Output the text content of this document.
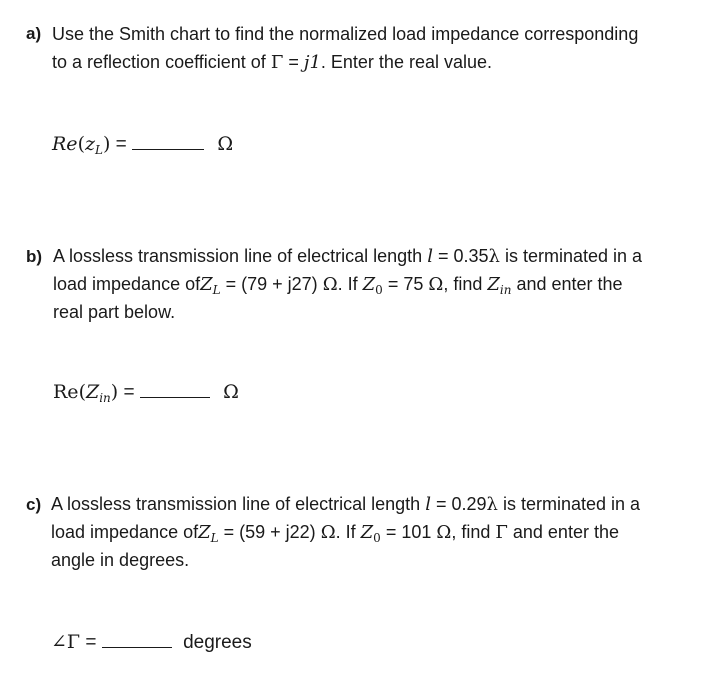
a) Use the Smith chart to find the normalized load impedance corresponding
to a reflection coefficient of Γ = j1. Enter the real value.
$Re(z_L)$ =	Ω
b) A lossless transmission line of electrical length l = 0.35λ is terminated in a
load impedance ofZ$_L$ = (79 + j27) Ω. If $Z_0 = 75$ Ω, find $Z_{in}$ and enter the
real part below.
$Re(Z_{in})$ =	Ω
c) A lossless transmission line of electrical length l = 0.29λ is terminated in a
load impedance ofZ$_L$ = (59 + j22) Ω. If $Z_0 = 101$ Ω, find Γ and enter the
angle in degrees.
∠Γ =	degrees
